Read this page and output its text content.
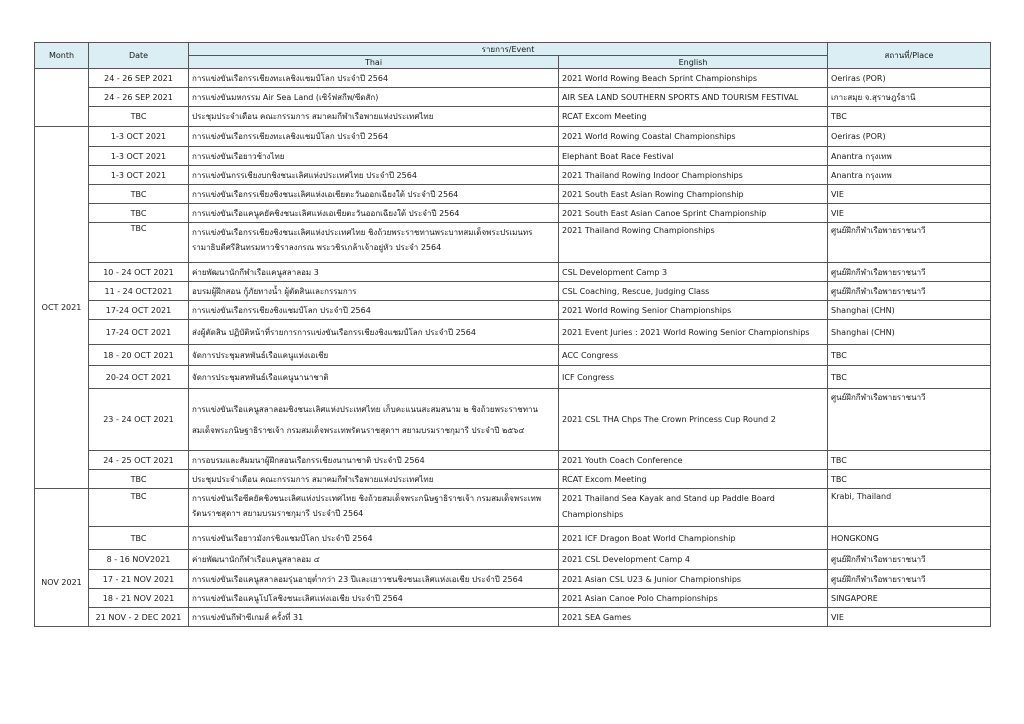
Month	Date	รายการ/Event		สถานที่/Place
		Thai	English	
	24 - 26 SEP 2021	การแข่งขันเรือกรรเชียงทะเลชิงแชมป์โลก ประจำปี 2564	2021 World Rowing Beach Sprint Championships	Oeriras (POR)
	24 - 26 SEP 2021	การแข่งขันมหกรรม Air Sea Land (เซิร์ฟสกีพ/ซีดสัก)	AIR SEA LAND SOUTHERN SPORTS AND TOURISM FESTIVAL	เกาะสมุย จ.สุราษฎร์ธานี
	TBC	ประชุมประจำเดือน คณะกรรมการ สมาคมกีฬาเรือพายแห่งประเทศไทย	RCAT Excom Meeting	TBC
OCT 2021	1-3 OCT 2021	การแข่งขันเรือกรรเชียงทะเลชิงแชมป์โลก ประจำปี 2564	2021 World Rowing Coastal Championships	Oeriras (POR)
	1-3 OCT 2021	การแข่งขันเรือยาวช้างไทย	Elephant Boat Race Festival	Anantra กรุงเทพ
	1-3 OCT 2021	การแข่งขันกรรเชียงบกชิงชนะเลิศแห่งประเทศไทย ประจำปี 2564	2021 Thailand Rowing Indoor Championships	Anantra กรุงเทพ
	TBC	การแข่งขันเรือกรรเชียงชิงชนะเลิศแห่งเอเชียตะวันออกเฉียงใต้ ประจำปี 2564	2021 South East Asian Rowing Championship	VIE
	TBC	การแข่งขันเรือแคนูคยัคชิงชนะเลิศแห่งเอเชียตะวันออกเฉียงใต้ ประจำปี 2564	2021 South East Asian Canoe Sprint Championship	VIE
	TBC	การแข่งขันเรือกรรเชียงชิงชนะเลิศแห่งประเทศไทย ชิงถ้วยพระราชทานพระบาทสมเด็จพระปรเมนทรรามาธิบดีศรีสินทรมหาวชิราลงกรณ พระวชิรเกล้าเจ้าอยู่หัว ประจำ 2564	2021 Thailand Rowing Championships	ศูนย์ฝึกกีฬาเรือพายราชนาวี
	10 - 24 OCT 2021	ค่ายพัฒนานักกีฬาเรือแคนูสลาลอม 3	CSL Development Camp 3	ศูนย์ฝึกกีฬาเรือพายราชนาวี
	11 - 24 OCT2021	อบรมผู้ฝึกสอน กู้ภัยทางน้ำ ผู้ตัดสินและกรรมการ	CSL Coaching, Rescue, Judging Class	ศูนย์ฝึกกีฬาเรือพายราชนาวี
	17-24 OCT 2021	การแข่งขันเรือกรรเชียงชิงแชมป์โลก ประจำปี 2564	2021 World Rowing Senior Championships	Shanghai (CHN)
	17-24 OCT 2021	ส่งผู้ตัดสิน ปฏิบัติหน้าที่รายการการแข่งขันเรือกรรเชียงชิงแชมป์โลก ประจำปี 2564	2021 Event Juries : 2021 World Rowing Senior Championships	Shanghai (CHN)
	18 - 20 OCT 2021	จัดการประชุมสหพันธ์เรือแคนูแห่งเอเชีย	ACC Congress	TBC
	20-24 OCT 2021	จัดการประชุมสหพันธ์เรือแคนูนานาชาติ	ICF Congress	TBC
	23 - 24 OCT 2021	การแข่งขันเรือแคนูสลาลอมชิงชนะเลิศแห่งประเทศไทย เก็บคะแนนสะสมสนาม ๒ ชิงถ้วยพระราชทานสมเด็จพระกนิษฐาธิราชเจ้า กรมสมเด็จพระเทพรัตนราชสุดาฯ สยามบรมราชกุมารี ประจำปี ๒๕๖๔	2021 CSL THA Chps The Crown Princess Cup Round 2	ศูนย์ฝึกกีฬาเรือพายราชนาวี
	24 - 25 OCT 2021	การอบรมและสัมมนาผู้ฝึกสอนเรือกรรเชียงนานาชาติ ประจำปี 2564	2021 Youth Coach Conference	TBC
	TBC	ประชุมประจำเดือน คณะกรรมการ สมาคมกีฬาเรือพายแห่งประเทศไทย	RCAT Excom Meeting	TBC
NOV 2021	TBC	การแข่งขันเรือซีคยัคชิงชนะเลิศแห่งประเทศไทย ชิงถ้วยสมเด็จพระกนิษฐาธิราชเจ้า กรมสมเด็จพระเทพรัตนราชสุดาฯ สยามบรมราชกุมารี ประจำปี 2564	2021 Thailand Sea Kayak and Stand up Paddle Board Championships	Krabi, Thailand
	TBC	การแข่งขันเรือยาวมังกรชิงแชมป์โลก ประจำปี 2564	2021 ICF Dragon Boat World Championship	HONGKONG
	8 - 16 NOV2021	ค่ายพัฒนานักกีฬาเรือแคนูสลาลอม ๔	2021 CSL Development Camp 4	ศูนย์ฝึกกีฬาเรือพายราชนาวี
	17 - 21 NOV 2021	การแข่งขันเรือแคนูสลาลอมรุ่นอายุต่ำกว่า 23 ปีและเยาวชนชิงชนะเลิศแห่งเอเชีย ประจำปี 2564	2021 Asian CSL U23 & Junior Championships	ศูนย์ฝึกกีฬาเรือพายราชนาวี
	18 - 21 NOV 2021	การแข่งขันเรือแคนูโปโลชิงชนะเลิศแห่งเอเชีย ประจำปี 2564	2021 Asian Canoe Polo Championships	SINGAPORE
	21 NOV - 2 DEC 2021	การแข่งขันกีฬาซีเกมส์ ครั้งที่ 31	2021 SEA Games	VIE
